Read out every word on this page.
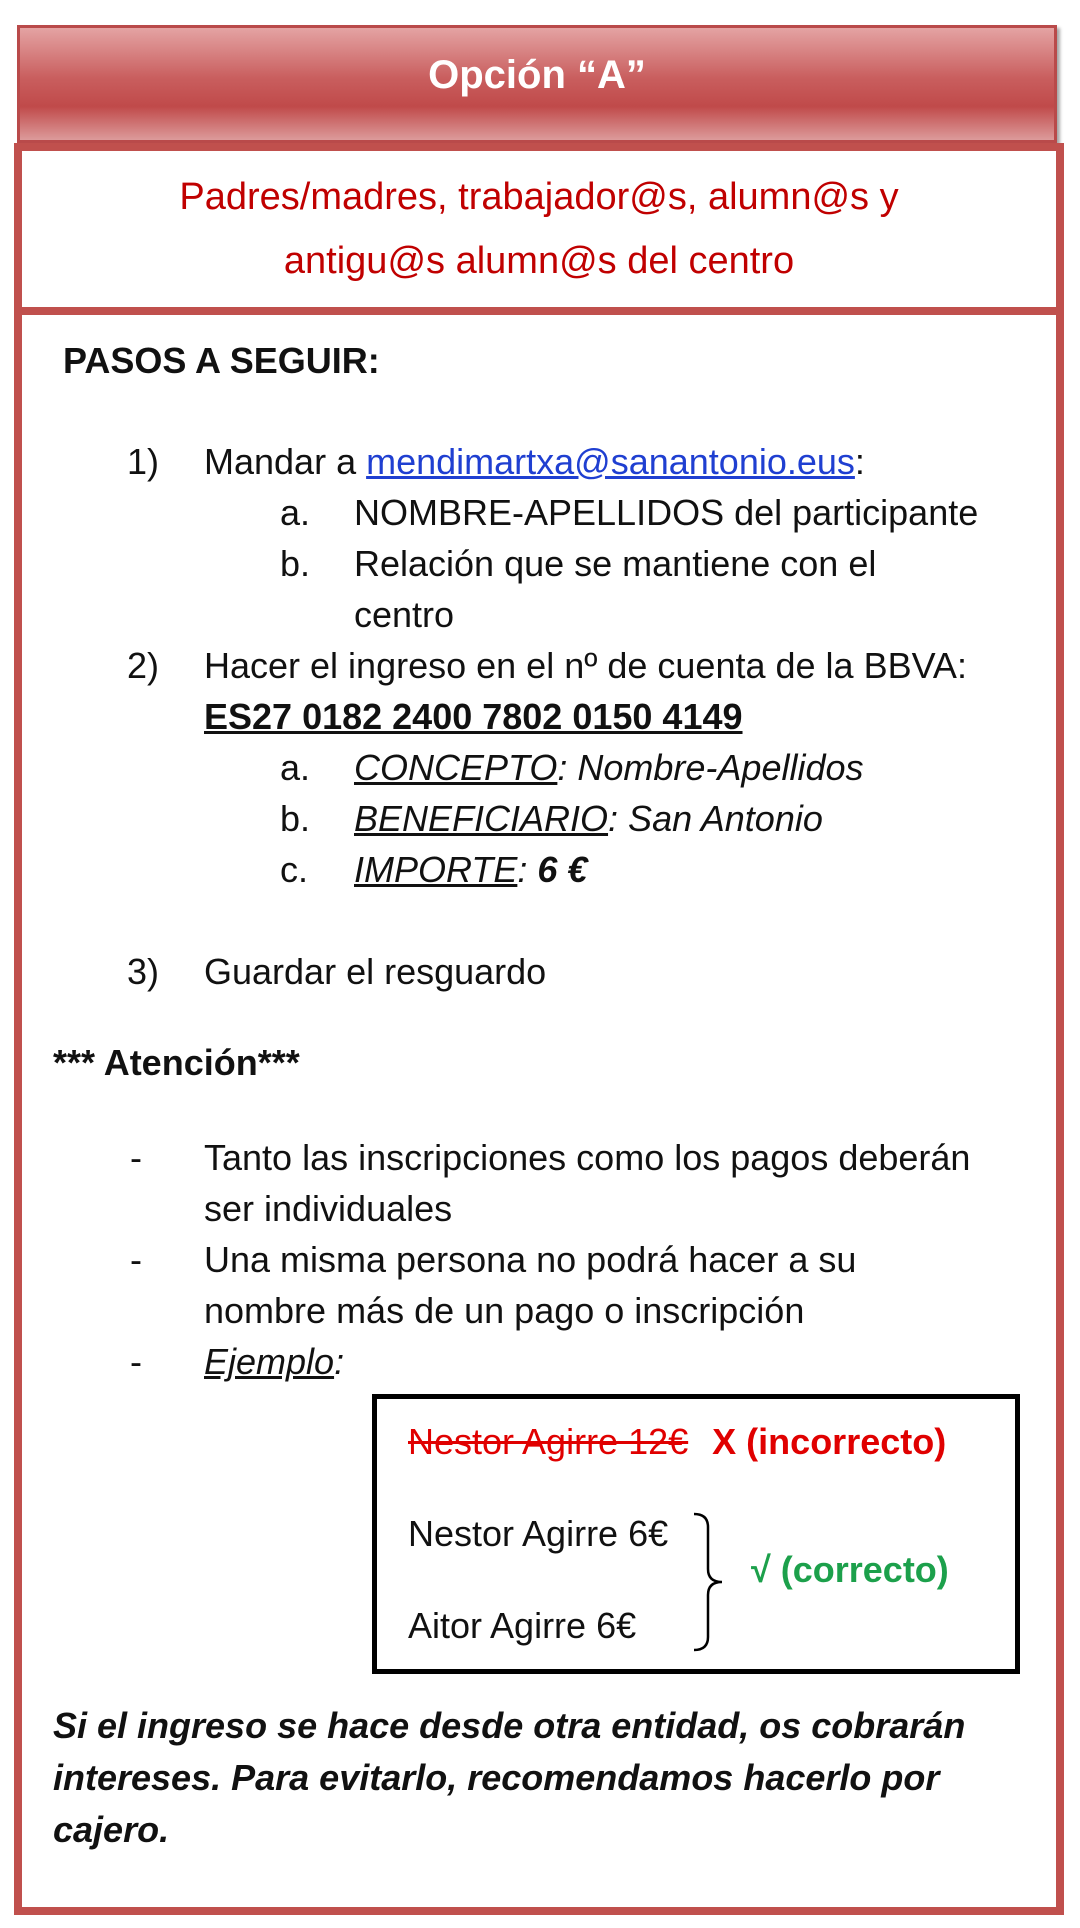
Opción “A”
Padres/madres, trabajador@s, alumn@s y
antigu@s alumn@s del centro
PASOS A SEGUIR:
1) Mandar a mendimartxa@sanantonio.eus:
a. NOMBRE-APELLIDOS del participante
b. Relación que se mantiene con el
centro
2) Hacer el ingreso en el nº de cuenta de la BBVA:
ES27 0182 2400 7802 0150 4149
a. CONCEPTO: Nombre-Apellidos
b. BENEFICIARIO: San Antonio
c. IMPORTE: 6 €
3) Guardar el resguardo
*** Atención***
- Tanto las inscripciones como los pagos deberán
ser individuales
- Una misma persona no podrá hacer a su
nombre más de un pago o inscripción
- Ejemplo:
Nestor Agirre 12€ X (incorrecto)
Nestor Agirre 6€
Aitor Agirre 6€
√ (correcto)
Si el ingreso se hace desde otra entidad, os cobrarán intereses. Para evitarlo, recomendamos hacerlo por cajero.
